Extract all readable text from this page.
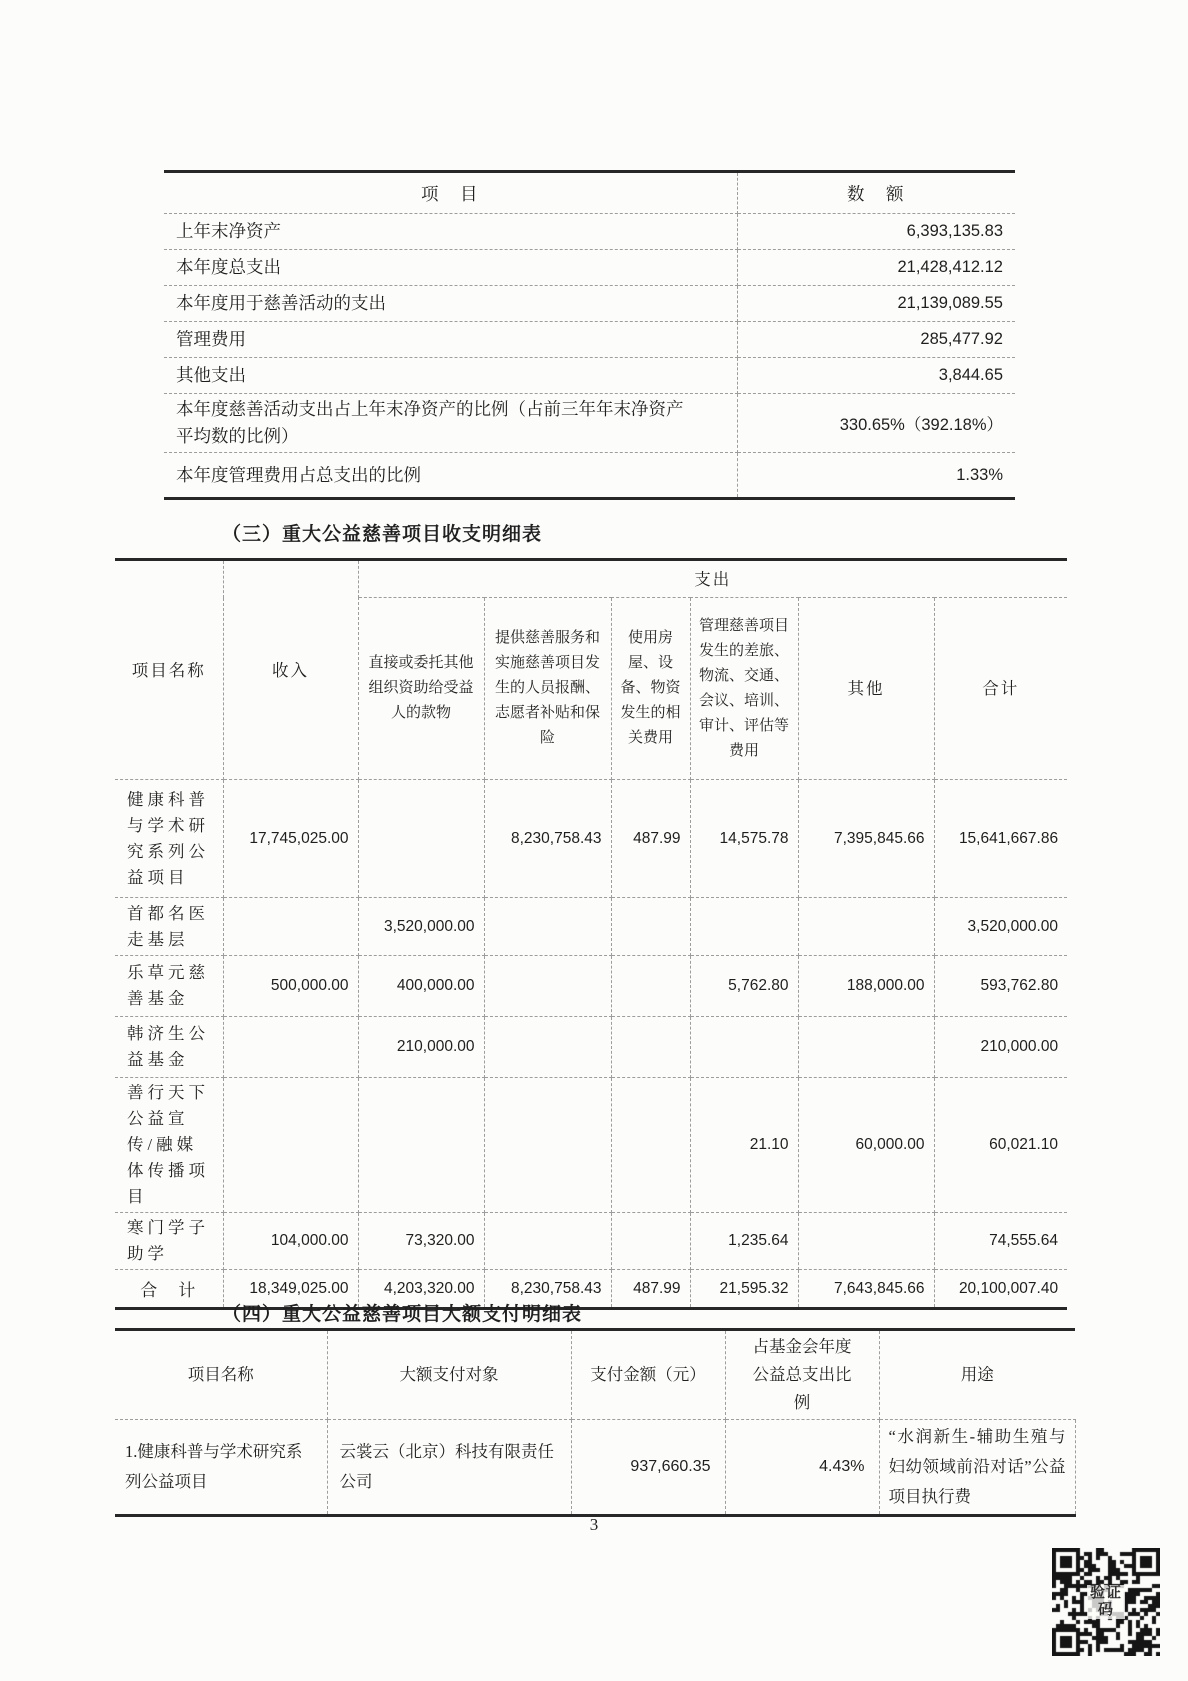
项　目	数　额
上年末净资产	6,393,135.83
本年度总支出	21,428,412.12
本年度用于慈善活动的支出	21,139,089.55
管理费用	285,477.92
其他支出	3,844.65
本年度慈善活动支出占上年末净资产的比例（占前三年年末净资产平均数的比例）	330.65%（392.18%）
本年度管理费用占总支出的比例	1.33%
（三）重大公益慈善项目收支明细表
项目名称	收入	支出					
		直接或委托其他组织资助给受益人的款物	提供慈善服务和实施慈善项目发生的人员报酬、志愿者补贴和保险	使用房屋、设备、物资发生的相关费用	管理慈善项目发生的差旅、物流、交通、会议、培训、审计、评估等费用	其他	合计
健康科普与学术研究系列公益项目	17,745,025.00		8,230,758.43	487.99	14,575.78	7,395,845.66	15,641,667.86
首都名医走基层		3,520,000.00					3,520,000.00
乐草元慈善基金	500,000.00	400,000.00			5,762.80	188,000.00	593,762.80
韩济生公益基金		210,000.00					210,000.00
善行天下公益宣传/融媒体传播项目					21.10	60,000.00	60,021.10
寒门学子助学	104,000.00	73,320.00			1,235.64		74,555.64
合　计	18,349,025.00	4,203,320.00	8,230,758.43	487.99	21,595.32	7,643,845.66	20,100,007.40
（四）重大公益慈善项目大额支付明细表
项目名称	大额支付对象	支付金额（元）	占基金会年度公益总支出比例	用途
1.健康科普与学术研究系列公益项目	云裳云（北京）科技有限责任公司	937,660.35	4.43%	“水润新生-辅助生殖与妇幼领域前沿对话”公益项目执行费
3
验证码
